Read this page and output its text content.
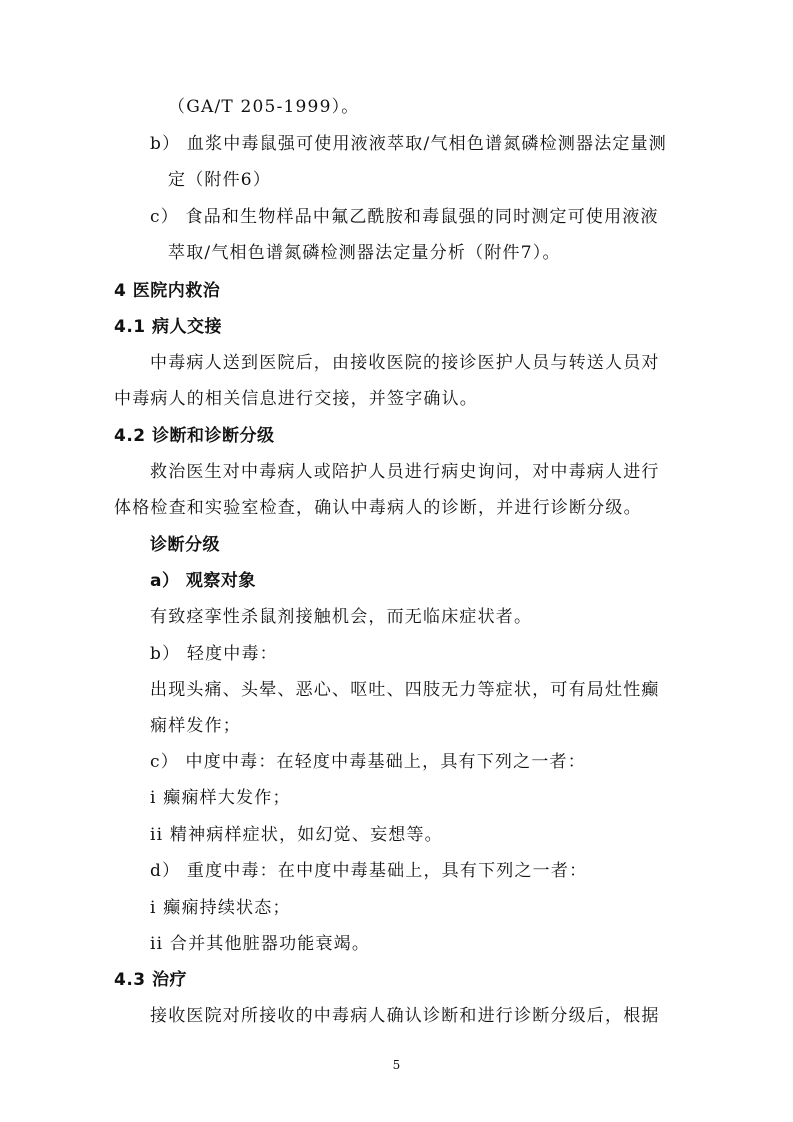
（GA/T 205-1999）。
b） 血浆中毒鼠强可使用液液萃取/气相色谱氮磷检测器法定量测
定（附件6）
c） 食品和生物样品中氟乙酰胺和毒鼠强的同时测定可使用液液
萃取/气相色谱氮磷检测器法定量分析（附件7）。
4 医院内救治
4.1 病人交接
中毒病人送到医院后，由接收医院的接诊医护人员与转送人员对
中毒病人的相关信息进行交接，并签字确认。
4.2 诊断和诊断分级
救治医生对中毒病人或陪护人员进行病史询问，对中毒病人进行
体格检查和实验室检查，确认中毒病人的诊断，并进行诊断分级。
诊断分级
a） 观察对象
有致痉挛性杀鼠剂接触机会，而无临床症状者。
b） 轻度中毒：
出现头痛、头晕、恶心、呕吐、四肢无力等症状，可有局灶性癫
痫样发作；
c） 中度中毒：在轻度中毒基础上，具有下列之一者：
i 癫痫样大发作；
ii 精神病样症状，如幻觉、妄想等。
d） 重度中毒：在中度中毒基础上，具有下列之一者：
i 癫痫持续状态；
ii 合并其他脏器功能衰竭。
4.3 治疗
接收医院对所接收的中毒病人确认诊断和进行诊断分级后，根据
5
